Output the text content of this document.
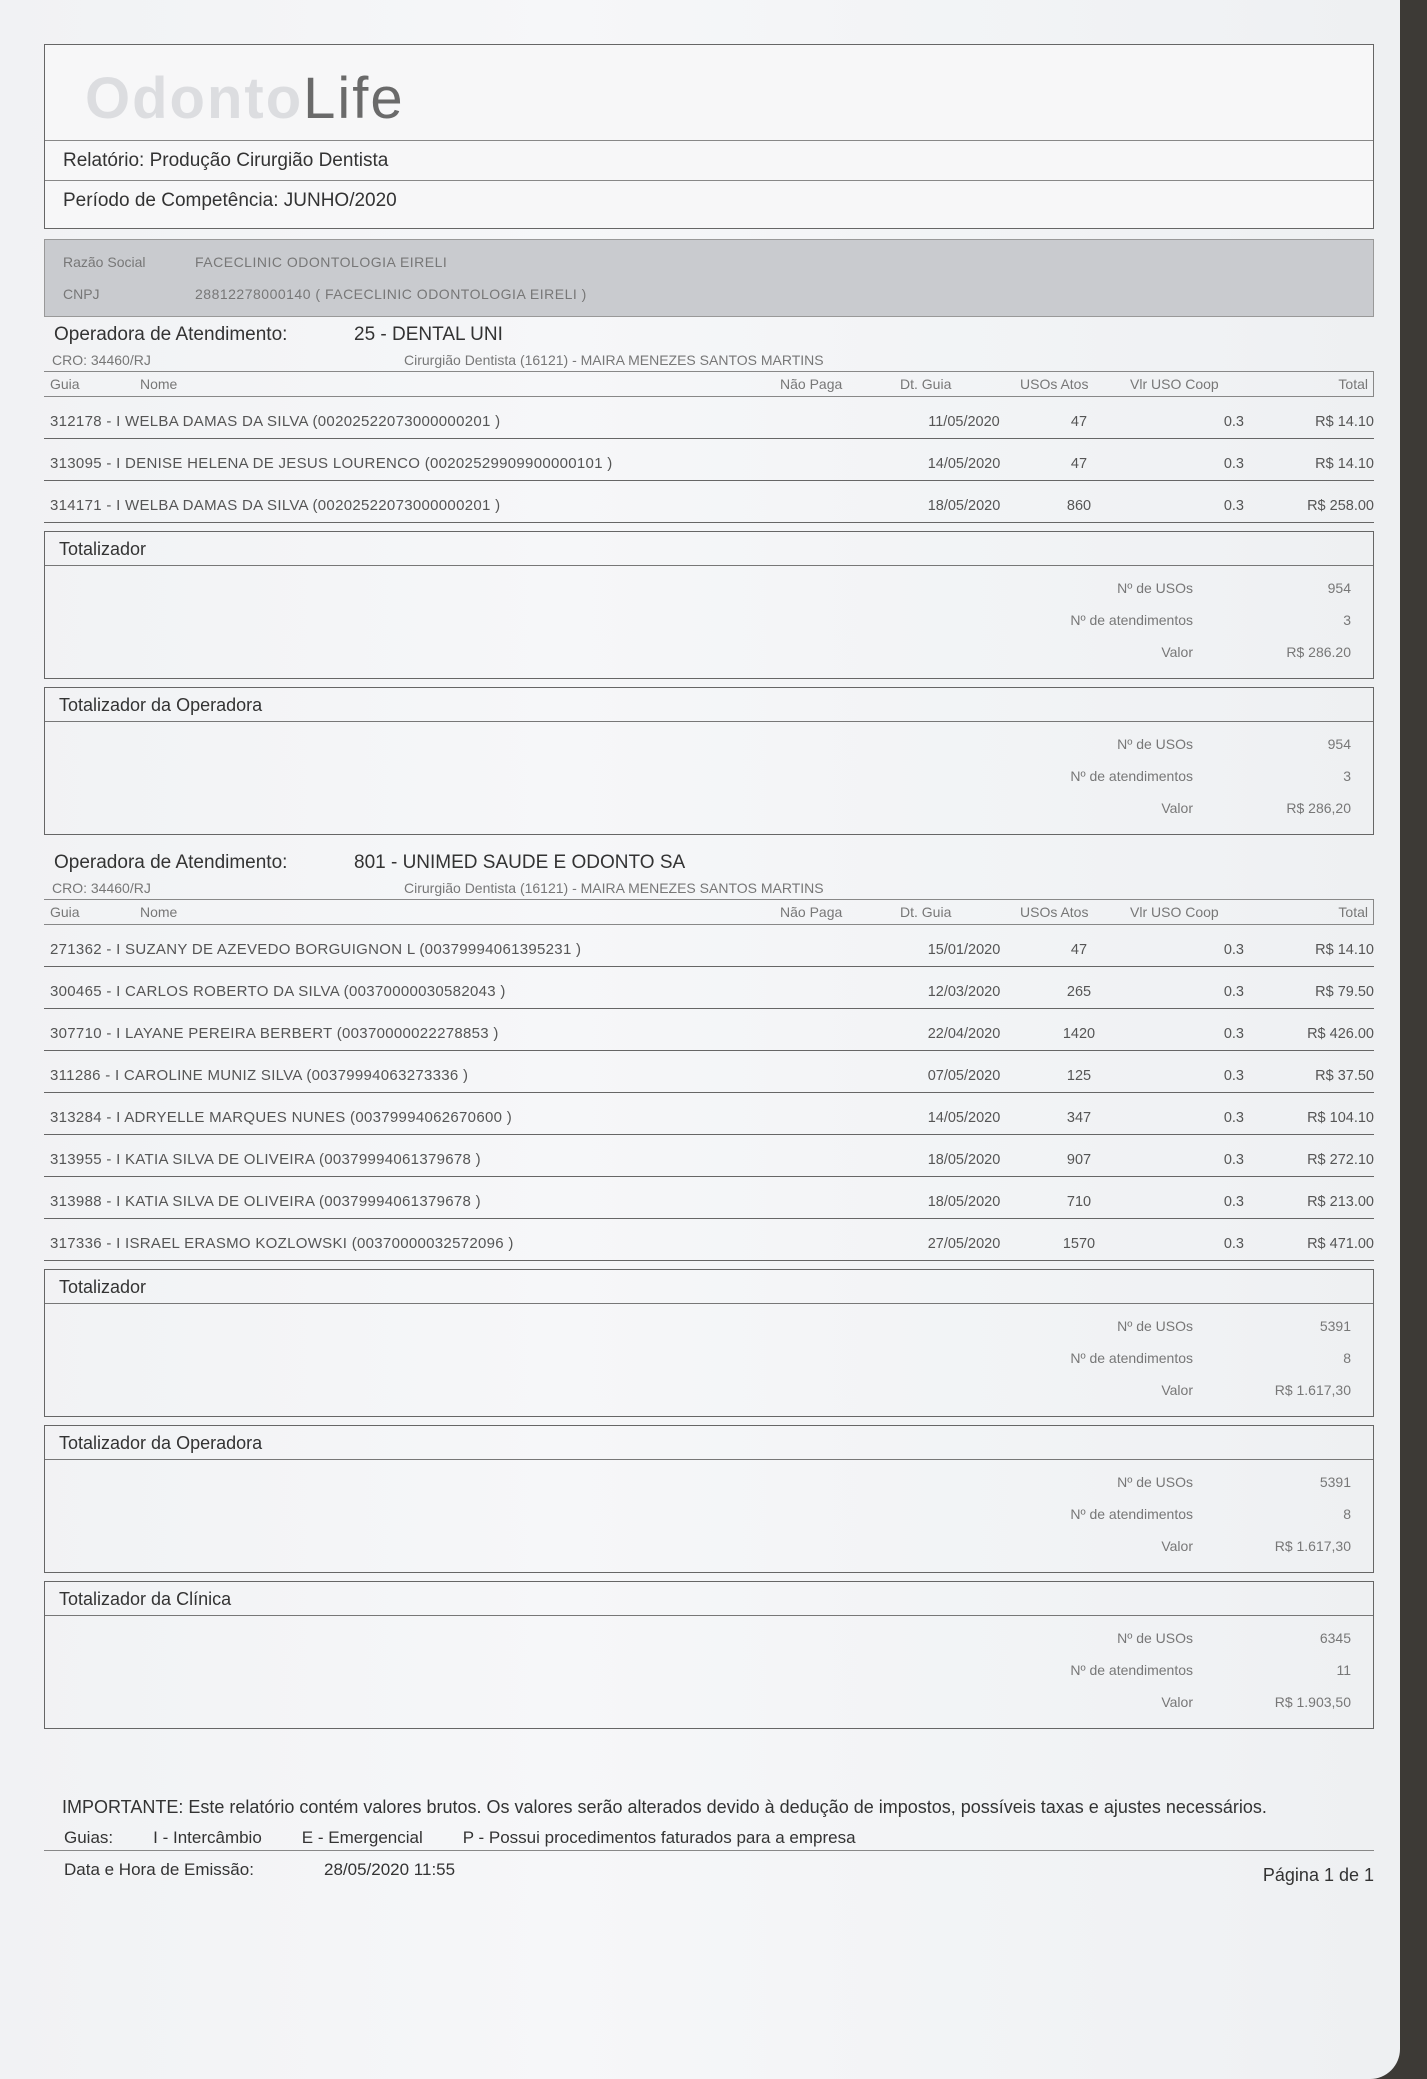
OdontoLife
Relatório: Produção Cirurgião Dentista
Período de Competência: JUNHO/2020
Razão Social	FACECLINIC ODONTOLOGIA EIRELI
CNPJ	28812278000140 ( FACECLINIC ODONTOLOGIA EIRELI )
Operadora de Atendimento:	25 - DENTAL UNI
CRO: 34460/RJ	Cirurgião Dentista (16121) - MAIRA MENEZES SANTOS MARTINS
Guia	Nome	Não Paga	Dt. Guia	USOs Atos	Vlr USO Coop	Total
312178 - I WELBA DAMAS DA SILVA (00202522073000000201 )	11/05/2020	47	0.3	R$ 14.10
313095 - I DENISE HELENA DE JESUS LOURENCO (00202529909900000101 )	14/05/2020	47	0.3	R$ 14.10
314171 - I WELBA DAMAS DA SILVA (00202522073000000201 )	18/05/2020	860	0.3	R$ 258.00
Totalizador
Nº de USOs	954
Nº de atendimentos	3
Valor	R$ 286.20
Totalizador da Operadora
Nº de USOs	954
Nº de atendimentos	3
Valor	R$ 286,20
Operadora de Atendimento:	801 - UNIMED SAUDE E ODONTO SA
CRO: 34460/RJ	Cirurgião Dentista (16121) - MAIRA MENEZES SANTOS MARTINS
Guia	Nome	Não Paga	Dt. Guia	USOs Atos	Vlr USO Coop	Total
271362 - I SUZANY DE AZEVEDO BORGUIGNON L (00379994061395231 )	15/01/2020	47	0.3	R$ 14.10
300465 - I CARLOS ROBERTO DA SILVA (00370000030582043 )	12/03/2020	265	0.3	R$ 79.50
307710 - I LAYANE PEREIRA BERBERT (00370000022278853 )	22/04/2020	1420	0.3	R$ 426.00
311286 - I CAROLINE MUNIZ SILVA (00379994063273336 )	07/05/2020	125	0.3	R$ 37.50
313284 - I ADRYELLE MARQUES NUNES (00379994062670600 )	14/05/2020	347	0.3	R$ 104.10
313955 - I KATIA SILVA DE OLIVEIRA (00379994061379678 )	18/05/2020	907	0.3	R$ 272.10
313988 - I KATIA SILVA DE OLIVEIRA (00379994061379678 )	18/05/2020	710	0.3	R$ 213.00
317336 - I ISRAEL ERASMO KOZLOWSKI (00370000032572096 )	27/05/2020	1570	0.3	R$ 471.00
Totalizador
Nº de USOs	5391
Nº de atendimentos	8
Valor	R$ 1.617,30
Totalizador da Operadora
Nº de USOs	5391
Nº de atendimentos	8
Valor	R$ 1.617,30
Totalizador da Clínica
Nº de USOs	6345
Nº de atendimentos	11
Valor	R$ 1.903,50
IMPORTANTE: Este relatório contém valores brutos. Os valores serão alterados devido à dedução de impostos, possíveis taxas e ajustes necessários.
Guias: I - Intercâmbio E - Emergencial P - Possui procedimentos faturados para a empresa
Data e Hora de Emissão:	28/05/2020 11:55	Página 1 de 1
